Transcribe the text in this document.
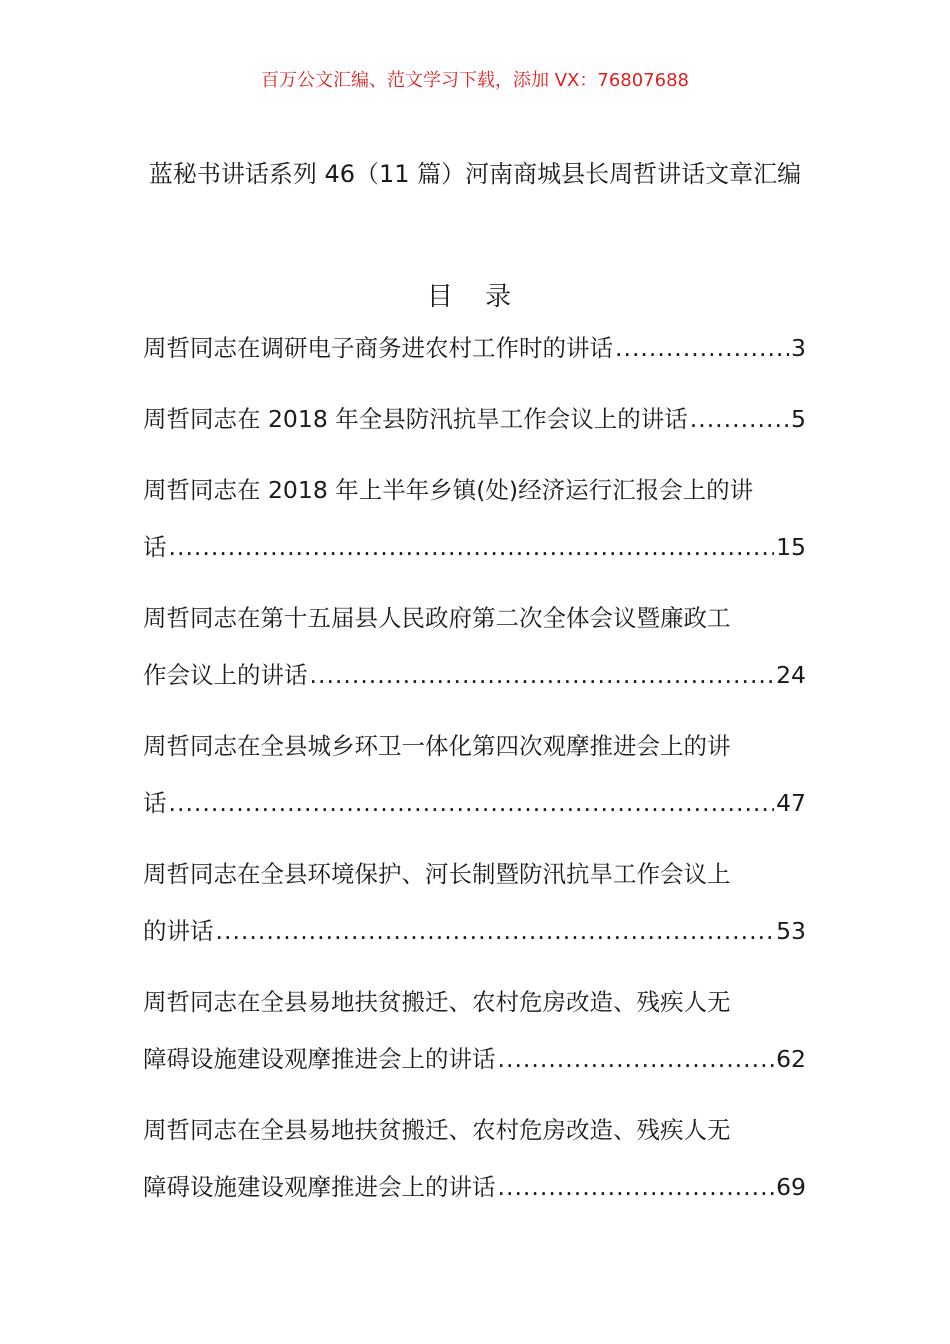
百万公文汇编、范文学习下载，添加 VX：76807688
蓝秘书讲话系列 46（11 篇）河南商城县长周哲讲话文章汇编
目 录
周哲同志在调研电子商务进农村工作时的讲话 .....	3
周哲同志在 2018 年全县防汛抗旱工作会议上的讲话 .....	5
周哲同志在 2018 年上半年乡镇(处)经济运行汇报会上的讲
话 .....	15
周哲同志在第十五届县人民政府第二次全体会议暨廉政工
作会议上的讲话 .....	24
周哲同志在全县城乡环卫一体化第四次观摩推进会上的讲
话 .....	47
周哲同志在全县环境保护、河长制暨防汛抗旱工作会议上
的讲话 .....	53
周哲同志在全县易地扶贫搬迁、农村危房改造、残疾人无
障碍设施建设观摩推进会上的讲话 .....	62
周哲同志在全县易地扶贫搬迁、农村危房改造、残疾人无
障碍设施建设观摩推进会上的讲话 .....	69
